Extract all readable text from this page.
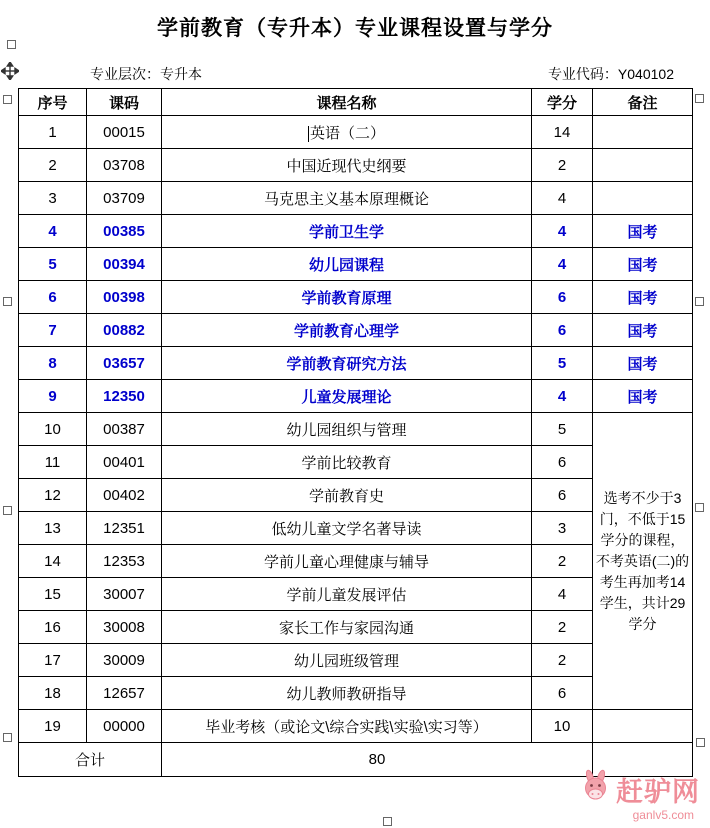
学前教育（专升本）专业课程设置与学分
专业层次：专升本	专业代码：Y040102
序号	课码	课程名称	学分	备注
1	00015	英语（二）	14	
2	03708	中国近现代史纲要	2	
3	03709	马克思主义基本原理概论	4	
4	00385	学前卫生学	4	国考
5	00394	幼儿园课程	4	国考
6	00398	学前教育原理	6	国考
7	00882	学前教育心理学	6	国考
8	03657	学前教育研究方法	5	国考
9	12350	儿童发展理论	4	国考
10	00387	幼儿园组织与管理	5	选考不少于3门，不低于15学分的课程，不考英语(二)的考生再加考14学生，共计29学分
11	00401	学前比较教育	6	
12	00402	学前教育史	6	
13	12351	低幼儿童文学名著导读	3	
14	12353	学前儿童心理健康与辅导	2	
15	30007	学前儿童发展评估	4	
16	30008	家长工作与家园沟通	2	
17	30009	幼儿园班级管理	2	
18	12657	幼儿教师教研指导	6	
19	00000	毕业考核（或论文\综合实践\实验\实习等）	10	
合计		80		
赶驴网
ganlv5.com
